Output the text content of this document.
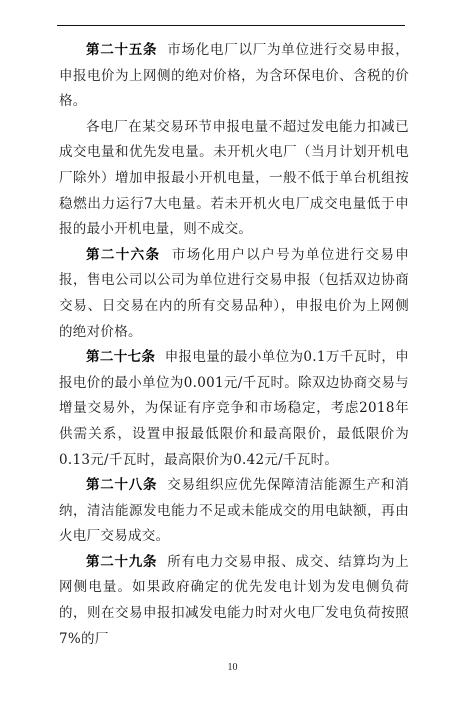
第二十五条 市场化电厂以厂为单位进行交易申报，申报电价为上网侧的绝对价格，为含环保电价、含税的价格。

各电厂在某交易环节申报电量不超过发电能力扣减已成交电量和优先发电量。未开机火电厂（当月计划开机电厂除外）增加申报最小开机电量，一般不低于单台机组按稳燃出力运行7大电量。若未开机火电厂成交电量低于申报的最小开机电量，则不成交。

第二十六条 市场化用户以户号为单位进行交易申报，售电公司以公司为单位进行交易申报（包括双边协商交易、日交易在内的所有交易品种），申报电价为上网侧的绝对价格。

第二十七条 申报电量的最小单位为0.1万千瓦时，申报电价的最小单位为0.001元/千瓦时。除双边协商交易与增量交易外，为保证有序竞争和市场稳定，考虑2018年供需关系，设置申报最低限价和最高限价，最低限价为0.13元/千瓦时，最高限价为0.42元/千瓦时。

第二十八条 交易组织应优先保障清洁能源生产和消纳，清洁能源发电能力不足或未能成交的用电缺额，再由火电厂交易成交。

第二十九条 所有电力交易申报、成交、结算均为上网侧电量。如果政府确定的优先发电计划为发电侧负荷的，则在交易申报扣减发电能力时对火电厂发电负荷按照 7%的厂

10
